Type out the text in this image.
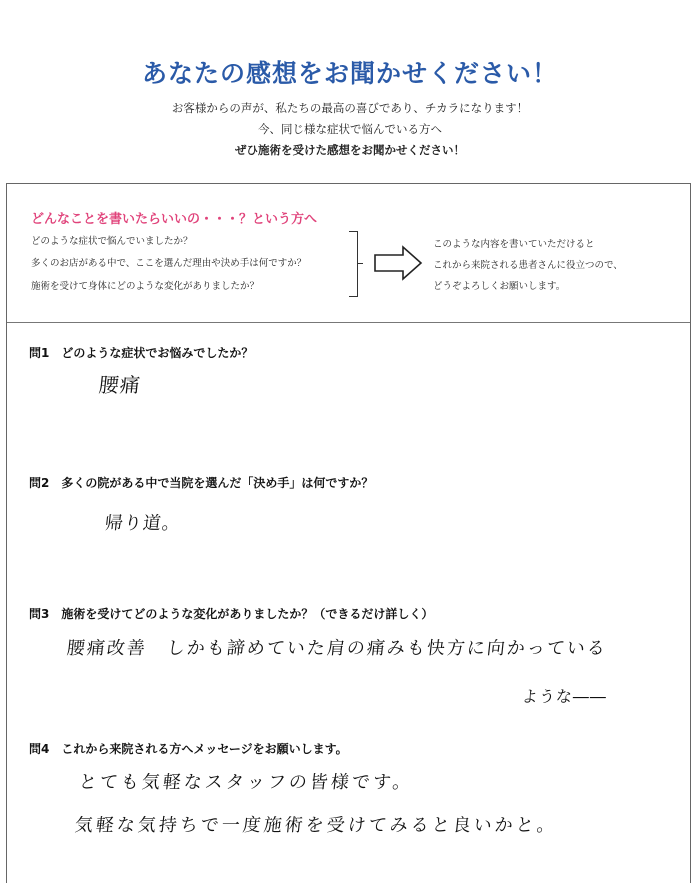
あなたの感想をお聞かせください！
お客様からの声が、私たちの最高の喜びであり、チカラになります！
今、同じ様な症状で悩んでいる方へ
ぜひ施術を受けた感想をお聞かせください！
どんなことを書いたらいいの・・・？という方へ
どのような症状で悩んでいましたか？
多くのお店がある中で、ここを選んだ理由や決め手は何ですか？
施術を受けて身体にどのような変化がありましたか？
このような内容を書いていただけると
これから来院される患者さんに役立つので、
どうぞよろしくお願いします。
問1　どのような症状でお悩みでしたか？
腰痛
問2　多くの院がある中で当院を選んだ「決め手」は何ですか？
帰り道。
問3　施術を受けてどのような変化がありましたか？（できるだけ詳しく）
腰痛改善　しかも諦めていた肩の痛みも快方に向かっている
ような――
問4　これから来院される方へメッセージをお願いします。
とても気軽なスタッフの皆様です。
気軽な気持ちで一度施術を受けてみると良いかと。
